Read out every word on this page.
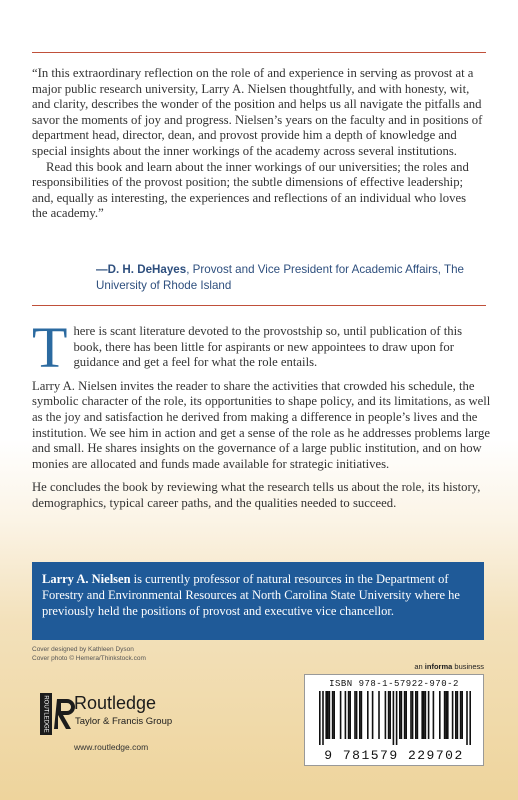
“In this extraordinary reflection on the role of and experience in serving as provost at a major public research university, Larry A. Nielsen thoughtfully, and with honesty, wit, and clarity, describes the wonder of the position and helps us all navigate the pitfalls and savor the moments of joy and progress. Nielsen’s years on the faculty and in positions of department head, director, dean, and provost provide him a depth of knowledge and special insights about the inner workings of the academy across several institutions.

Read this book and learn about the inner workings of our universities; the roles and responsibilities of the provost position; the subtle dimensions of effective leadership; and, equally as interesting, the experiences and reflections of an individual who loves the academy.”

—D. H. DeHayes, Provost and Vice President for Academic Affairs, The University of Rhode Island

There is scant literature devoted to the provostship so, until publication of this book, there has been little for aspirants or new appointees to draw upon for guidance and get a feel for what the role entails.

Larry A. Nielsen invites the reader to share the activities that crowded his schedule, the symbolic character of the role, its opportunities to shape policy, and its limitations, as well as the joy and satisfaction he derived from making a difference in people’s lives and the institution. We see him in action and get a sense of the role as he addresses problems large and small. He shares insights on the governance of a large public institution, and on how monies are allocated and funds made available for strategic initiatives.

He concludes the book by reviewing what the research tells us about the role, its history, demographics, typical career paths, and the qualities needed to succeed.

Larry A. Nielsen is currently professor of natural resources in the Department of Forestry and Environmental Resources at North Carolina State University where he previously held the positions of provost and executive vice chancellor.
Cover designed by Kathleen Dyson
Cover photo © Hemera/Thinkstock.com
an informa business
ROUTLEDGE Routledge
Taylor & Francis Group
www.routledge.com
ISBN 978-1-57922-970-2
9 781579 229702
